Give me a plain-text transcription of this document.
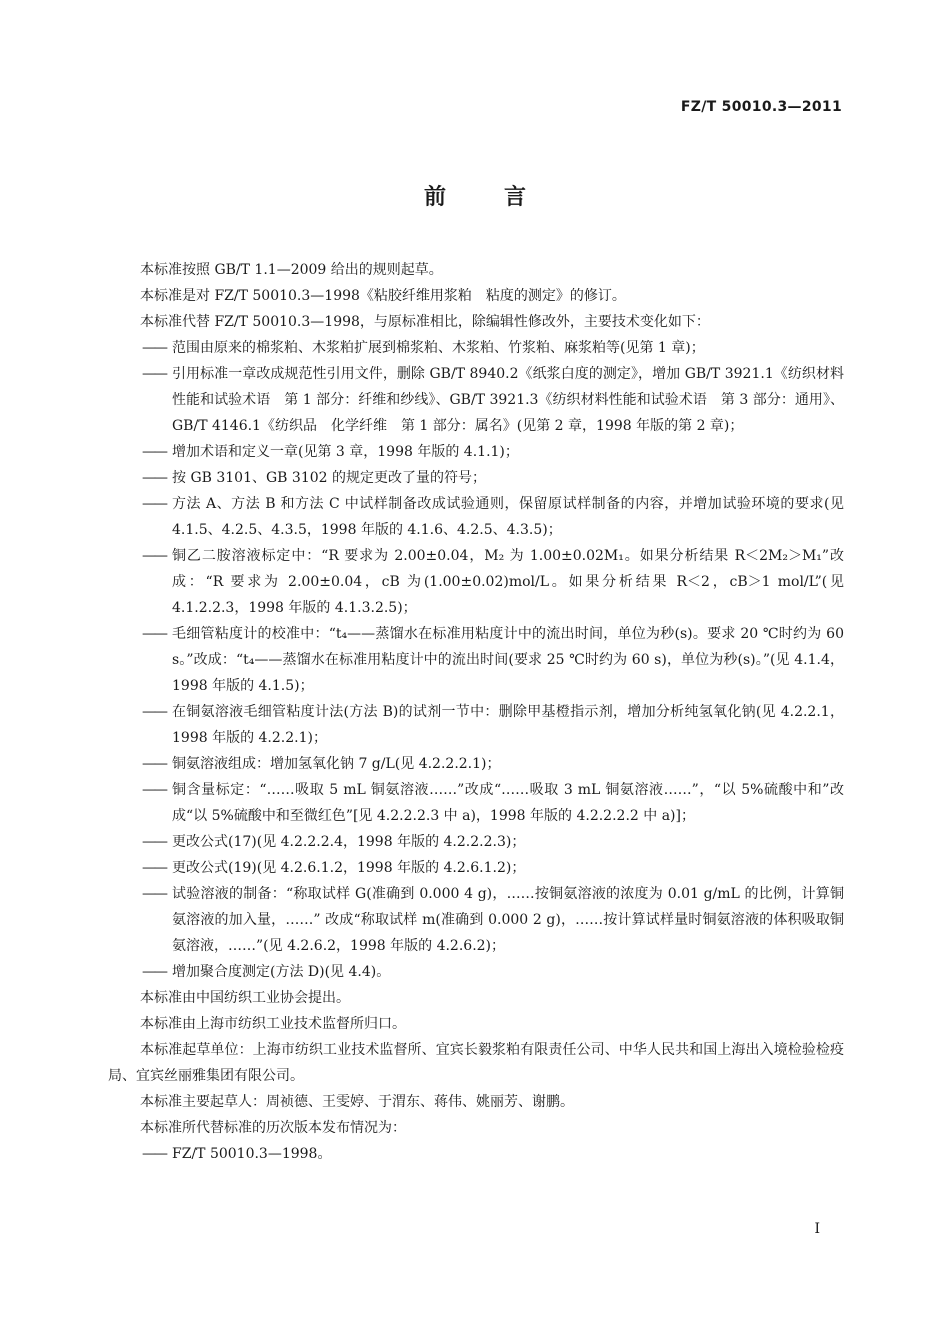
FZ/T 50010.3—2011
前	言

本标准按照 GB/T 1.1—2009 给出的规则起草。

本标准是对 FZ/T 50010.3—1998《粘胶纤维用浆粕　粘度的测定》的修订。

本标准代替 FZ/T 50010.3—1998，与原标准相比，除编辑性修改外，主要技术变化如下：

—— 范围由原来的棉浆粕、木浆粕扩展到棉浆粕、木浆粕、竹浆粕、麻浆粕等(见第 1 章)；
—— 引用标准一章改成规范性引用文件，删除 GB/T 8940.2《纸浆白度的测定》，增加 GB/T 3921.1《纺织材料性能和试验术语　第 1 部分：纤维和纱线》、GB/T 3921.3《纺织材料性能和试验术语　第 3 部分：通用》、GB/T 4146.1《纺织品　化学纤维　第 1 部分：属名》(见第 2 章，1998 年版的第 2 章)；
—— 增加术语和定义一章(见第 3 章，1998 年版的 4.1.1)；
—— 按 GB 3101、GB 3102 的规定更改了量的符号；
—— 方法 A、方法 B 和方法 C 中试样制备改成试验通则，保留原试样制备的内容，并增加试验环境的要求(见 4.1.5、4.2.5、4.3.5，1998 年版的 4.1.6、4.2.5、4.3.5)；
—— 铜乙二胺溶液标定中：“R 要求为 2.00±0.04，M₂ 为 1.00±0.02M₁。如果分析结果 R＜2M₂＞M₁”改成：“R 要求为 2.00±0.04，cB 为(1.00±0.02)mol/L。如果分析结果 R＜2，cB＞1 mol/L”(见 4.1.2.2.3，1998 年版的 4.1.3.2.5)；
—— 毛细管粘度计的校准中：“t₄——蒸馏水在标准用粘度计中的流出时间，单位为秒(s)。要求 20 ℃时约为 60 s。”改成：“t₄——蒸馏水在标准用粘度计中的流出时间(要求 25 ℃时约为 60 s)，单位为秒(s)。”(见 4.1.4，1998 年版的 4.1.5)；
—— 在铜氨溶液毛细管粘度计法(方法 B)的试剂一节中：删除甲基橙指示剂，增加分析纯氢氧化钠(见 4.2.2.1，1998 年版的 4.2.2.1)；
—— 铜氨溶液组成：增加氢氧化钠 7 g/L(见 4.2.2.2.1)；
—— 铜含量标定：“……吸取 5 mL 铜氨溶液……”改成“……吸取 3 mL 铜氨溶液……”，“以 5%硫酸中和”改成“以 5%硫酸中和至微红色”[见 4.2.2.2.3 中 a)，1998 年版的 4.2.2.2.2 中 a)]；
—— 更改公式(17)(见 4.2.2.2.4，1998 年版的 4.2.2.2.3)；
—— 更改公式(19)(见 4.2.6.1.2，1998 年版的 4.2.6.1.2)；
—— 试验溶液的制备：“称取试样 G(准确到 0.000 4 g)，……按铜氨溶液的浓度为 0.01 g/mL 的比例，计算铜氨溶液的加入量，……” 改成“称取试样 m(准确到 0.000 2 g)，……按计算试样量时铜氨溶液的体积吸取铜氨溶液，……”(见 4.2.6.2，1998 年版的 4.2.6.2)；
—— 增加聚合度测定(方法 D)(见 4.4)。

本标准由中国纺织工业协会提出。

本标准由上海市纺织工业技术监督所归口。

本标准起草单位：上海市纺织工业技术监督所、宜宾长毅浆粕有限责任公司、中华人民共和国上海出入境检验检疫局、宜宾丝丽雅集团有限公司。

本标准主要起草人：周祯德、王雯婷、于渭东、蒋伟、姚丽芳、谢鹏。

本标准所代替标准的历次版本发布情况为：

—— FZ/T 50010.3—1998。
I
